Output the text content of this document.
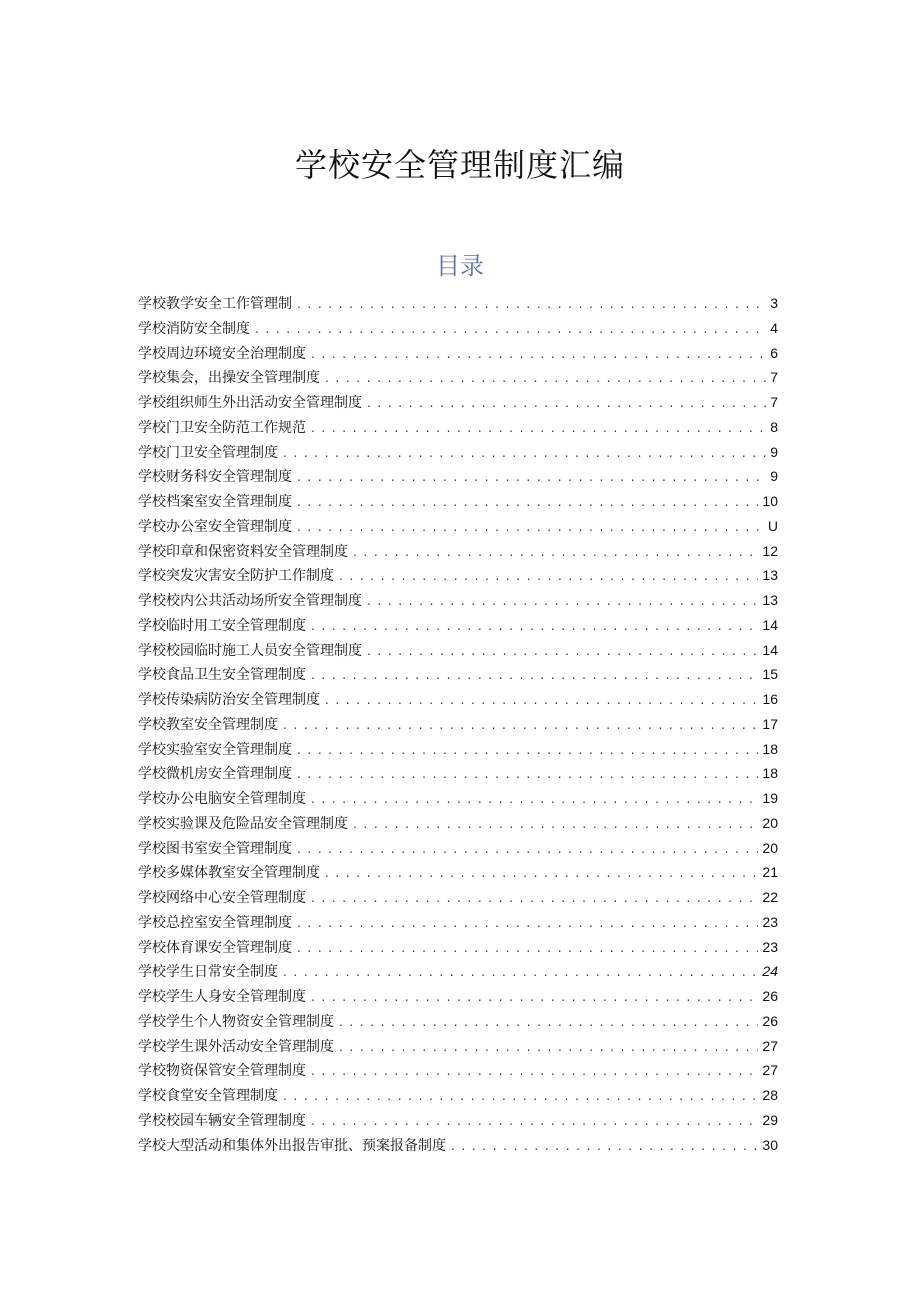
学校安全管理制度汇编
目录
学校教学安全工作管理制 . . .	3
学校消防安全制度 . . .	4
学校周边环境安全治理制度 . . .	6
学校集会，出操安全管理制度 . . .	7
学校组织师生外出活动安全管理制度 . . .	7
学校门卫安全防范工作规范 . . .	8
学校门卫安全管理制度 . . .	9
学校财务科安全管理制度 . . .	9
学校档案室安全管理制度 . . .	10
学校办公室安全管理制度 . . .	U
学校印章和保密资料安全管理制度 . . .	12
学校突发灾害安全防护工作制度 . . .	13
学校校内公共活动场所安全管理制度 . . .	13
学校临时用工安全管理制度 . . .	14
学校校园临时施工人员安全管理制度 . . .	14
学校食品卫生安全管理制度 . . .	15
学校传染病防治安全管理制度 . . .	16
学校教室安全管理制度 . . .	17
学校实验室安全管理制度 . . .	18
学校微机房安全管理制度 . . .	18
学校办公电脑安全管理制度 . . .	19
学校实验课及危险品安全管理制度 . . .	20
学校图书室安全管理制度 . . .	20
学校多媒体教室安全管理制度 . . .	21
学校网络中心安全管理制度 . . .	22
学校总控室安全管理制度 . . .	23
学校体育课安全管理制度 . . .	23
学校学生日常安全制度 . . .	24
学校学生人身安全管理制度 . . .	26
学校学生个人物资安全管理制度 . . .	26
学校学生课外活动安全管理制度 . . .	27
学校物资保管安全管理制度 . . .	27
学校食堂安全管理制度 . . .	28
学校校园车辆安全管理制度 . . .	29
学校大型活动和集体外出报告审批、预案报备制度 . . .	30
